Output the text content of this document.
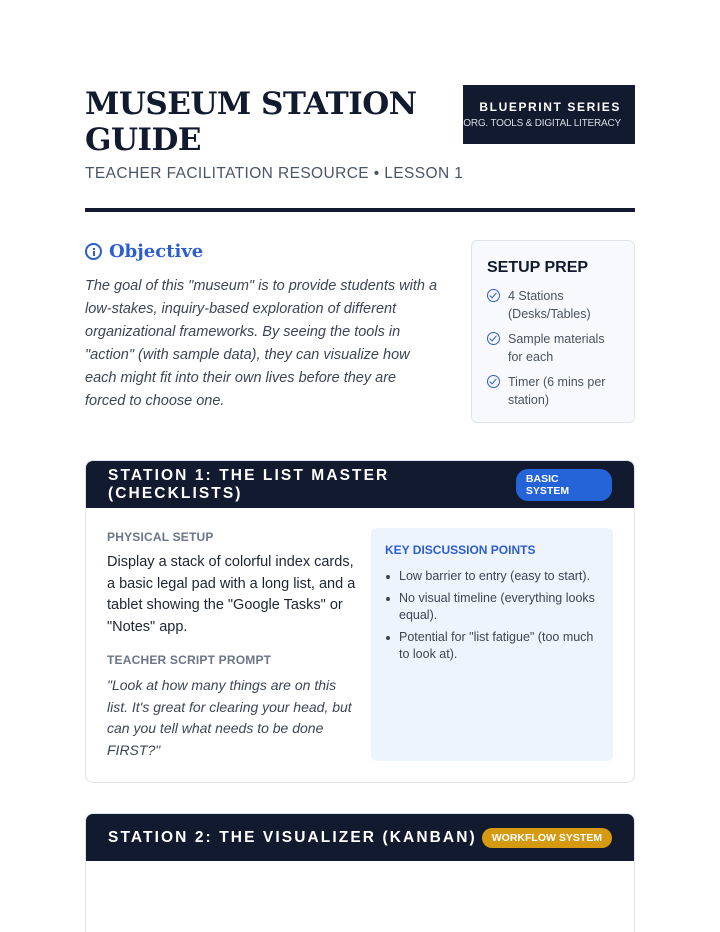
MUSEUM STATION GUIDE
TEACHER FACILITATION RESOURCE • LESSON 1
BLUEPRINT SERIES
ORG. TOOLS & DIGITAL LITERACY
Objective

The goal of this "museum" is to provide students with a low-stakes, inquiry-based exploration of different organizational frameworks. By seeing the tools in "action" (with sample data), they can visualize how each might fit into their own lives before they are forced to choose one.

SETUP PREP
4 Stations (Desks/Tables)
Sample materials for each
Timer (6 mins per station)
STATION 1: THE LIST MASTER (CHECKLISTS)
BASIC SYSTEM
PHYSICAL SETUP

Display a stack of colorful index cards, a basic legal pad with a long list, and a tablet showing the "Google Tasks" or "Notes" app.

TEACHER SCRIPT PROMPT

"Look at how many things are on this list. It's great for clearing your head, but can you tell what needs to be done FIRST?"

KEY DISCUSSION POINTS
Low barrier to entry (easy to start).
No visual timeline (everything looks equal).
Potential for "list fatigue" (too much to look at).
STATION 2: THE VISUALIZER (KANBAN)	WORKFLOW SYSTEM
